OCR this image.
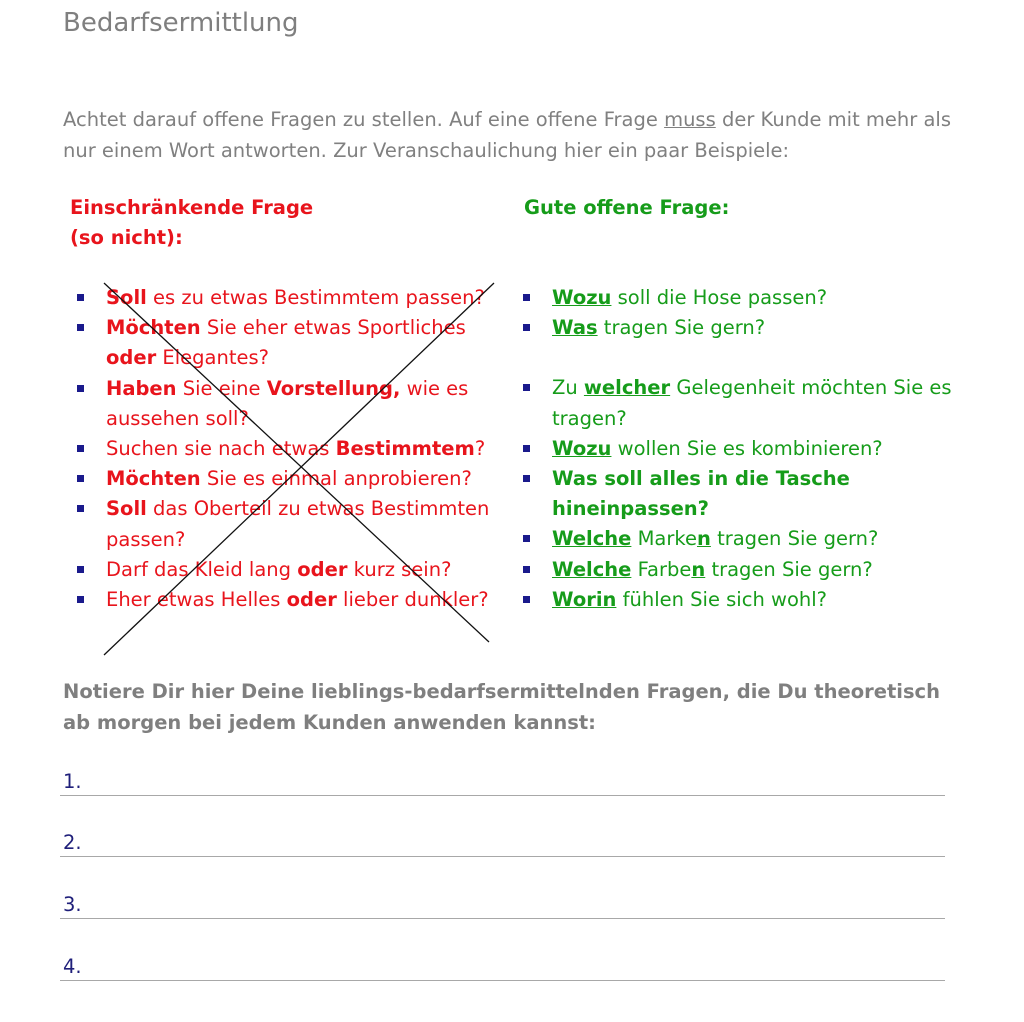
Bedarfsermittlung
Achtet darauf offene Fragen zu stellen. Auf eine offene Frage muss der Kunde mit mehr als nur einem Wort antworten. Zur Veranschaulichung hier ein paar Beispiele:
Einschränkende Frage
(so nicht):
Gute offene Frage:
Soll es zu etwas Bestimmtem passen?
Möchten Sie eher etwas Sportliches oder Elegantes?
Haben Sie eine Vorstellung, wie es aussehen soll?
Suchen sie nach etwas Bestimmtem?
Möchten Sie es einmal anprobieren?
Soll das Oberteil zu etwas Bestimmten passen?
Darf das Kleid lang oder kurz sein?
Eher etwas Helles oder lieber dunkler?
Wozu soll die Hose passen?
Was tragen Sie gern?
Zu welcher Gelegenheit möchten Sie es tragen?
Wozu wollen Sie es kombinieren?
Was soll alles in die Tasche hineinpassen?
Welche Marken tragen Sie gern?
Welche Farben tragen Sie gern?
Worin fühlen Sie sich wohl?
Notiere Dir hier Deine lieblings-bedarfsermittelnden Fragen, die Du theoretisch ab morgen bei jedem Kunden anwenden kannst:
1.
2.
3.
4.
